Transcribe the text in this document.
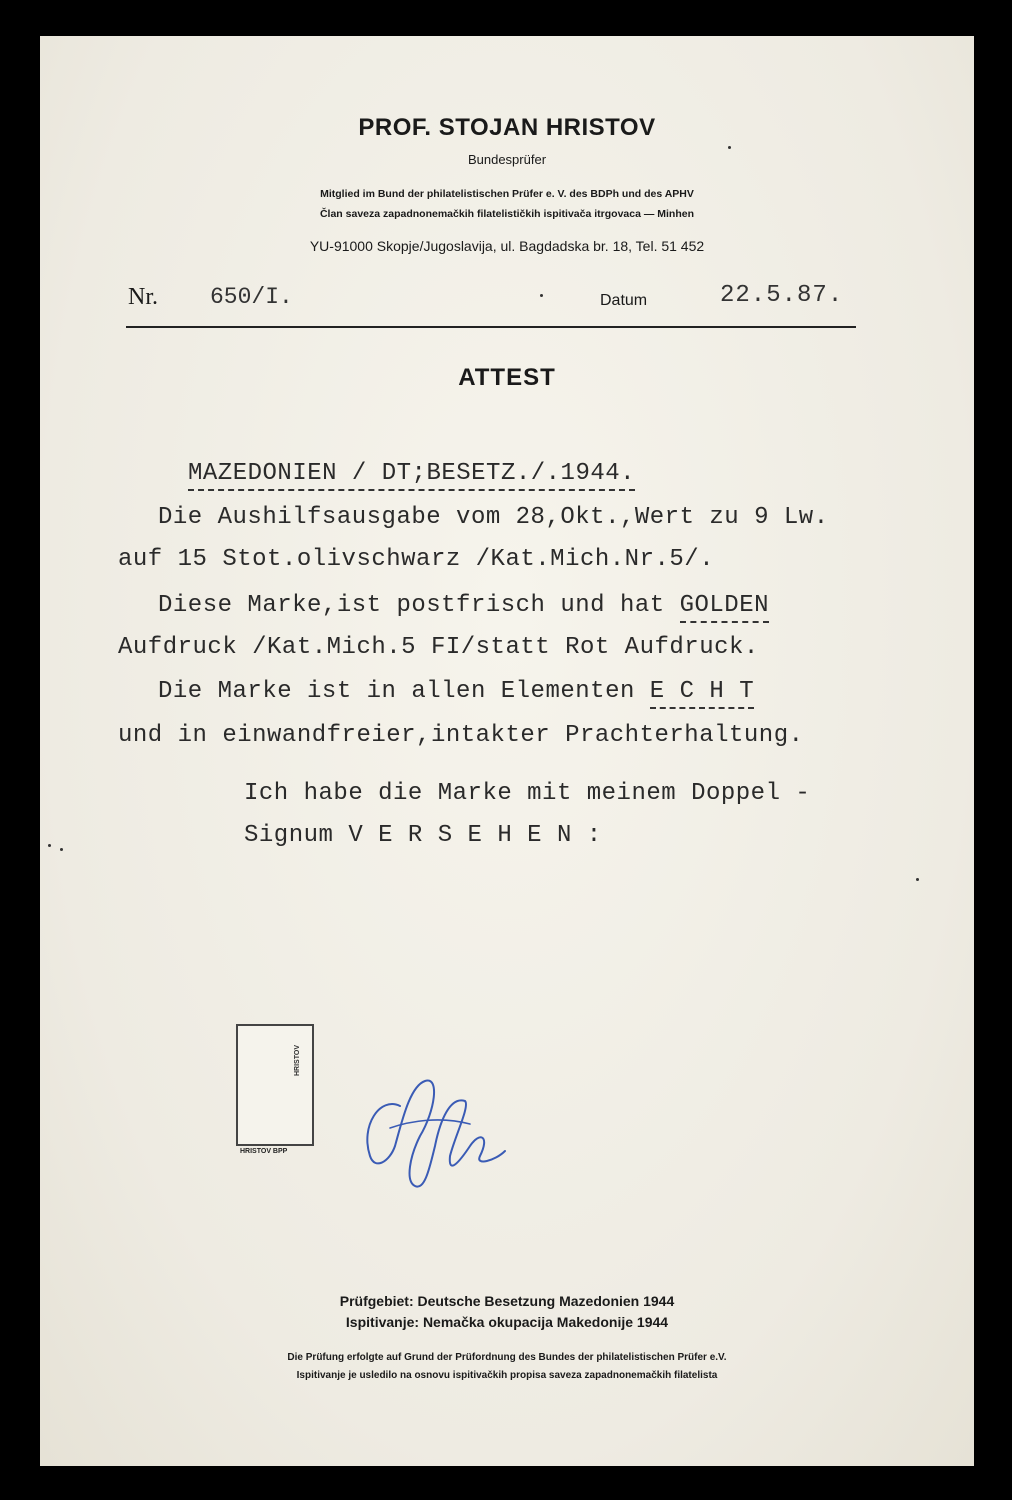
PROF. STOJAN HRISTOV
Bundesprüfer
Mitglied im Bund der philatelistischen Prüfer e. V. des BDPh und des APHV
Član saveza zapadnonemačkih filatelističkih ispitivača itrgovaca — Minhen
YU-91000 Skopje/Jugoslavija, ul. Bagdadska br. 18, Tel. 51 452
Nr. 650/I.	Datum	22.5.87.
ATTEST
MAZEDONIEN / DT;BESETZ./.1944.
Die Aushilfsausgabe vom 28,Okt.,Wert zu 9 Lw.
auf 15 Stot.olivschwarz /Kat.Mich.Nr.5/.
Diese Marke,ist postfrisch und hat GOLDEN
Aufdruck /Kat.Mich.5 FI/statt Rot Aufdruck.
Die Marke ist in allen Elementen E C H T
und in einwandfreier,intakter Prachterhaltung.
Ich habe die Marke mit meinem Doppel -
Signum V E R S E H E N :
HRISTOV
HRISTOV BPP
Prüfgebiet: Deutsche Besetzung Mazedonien 1944
Ispitivanje: Nemačka okupacija Makedonije 1944
Die Prüfung erfolgte auf Grund der Prüfordnung des Bundes der philatelistischen Prüfer e.V.
Ispitivanje je usledilo na osnovu ispitivačkih propisa saveza zapadnonemačkih filatelista
